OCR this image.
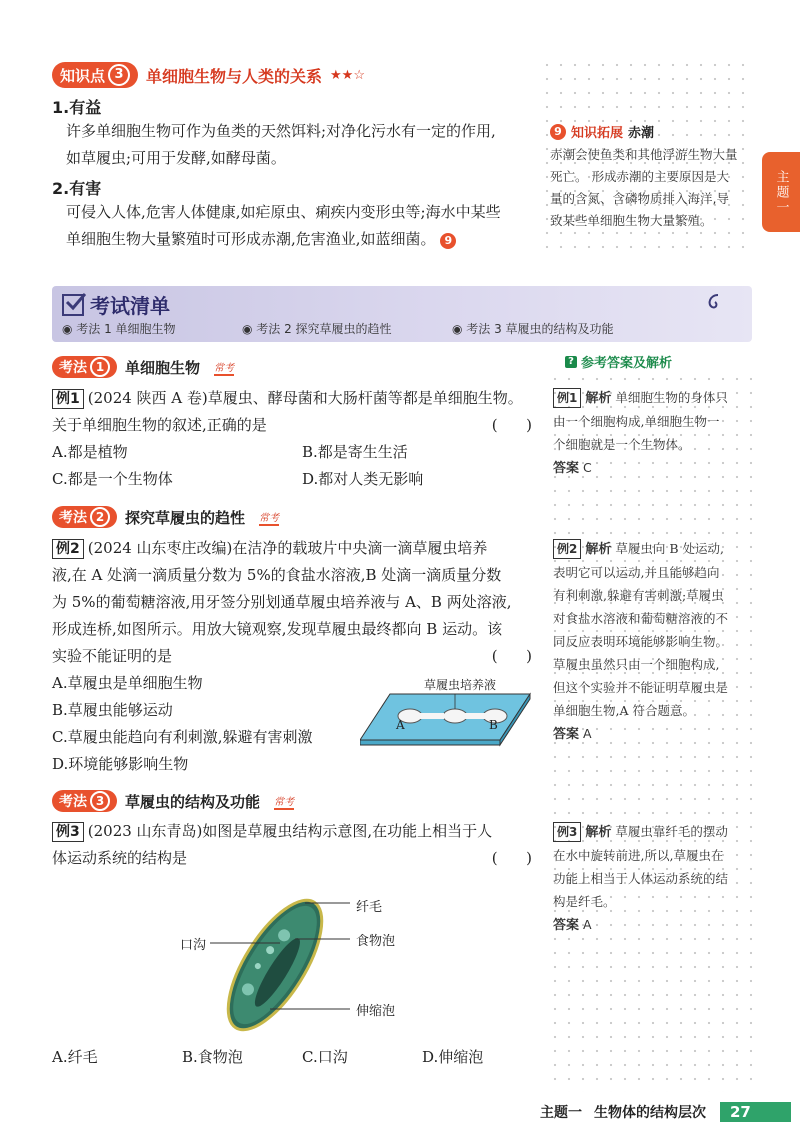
知识点 3	单细胞生物与人类的关系 ★★☆
1.有益
许多单细胞生物可作为鱼类的天然饵料;对净化污水有一定的作用,
如草履虫;可用于发酵,如酵母菌。
2.有害
可侵入人体,危害人体健康,如疟原虫、痢疾内变形虫等;海水中某些
单细胞生物大量繁殖时可形成赤潮,危害渔业,如蓝细菌。 9
9 知识拓展 赤潮
赤潮会使鱼类和其他浮游生物大量
死亡。 形成赤潮的主要原因是大
量的含氮、含磷物质排入海洋,导
致某些单细胞生物大量繁殖。
主题一
考试清单
◉ 考法 1 单细胞生物	◉ 考法 2 探究草履虫的趋性	◉ 考法 3 草履虫的结构及功能
? 参考答案及解析
考法 1	单细胞生物 常考
例1 (2024 陕西 A 卷)草履虫、酵母菌和大肠杆菌等都是单细胞生物。
关于单细胞生物的叙述,正确的是	(      )
A.都是植物	B.都是寄生生活
C.都是一个生物体	D.都对人类无影响
例1 解析 单细胞生物的身体只
由一个细胞构成,单细胞生物一
个细胞就是一个生物体。
答案 C
考法 2	探究草履虫的趋性 常考
例2 (2024 山东枣庄改编)在洁净的载玻片中央滴一滴草履虫培养
液,在 A 处滴一滴质量分数为 5%的食盐水溶液,B 处滴一滴质量分数
为 5%的葡萄糖溶液,用牙签分别划通草履虫培养液与 A、B 两处溶液,
形成连桥,如图所示。用放大镜观察,发现草履虫最终都向 B 运动。该
实验不能证明的是	(      )
A.草履虫是单细胞生物
B.草履虫能够运动
C.草履虫能趋向有利刺激,躲避有害刺激
D.环境能够影响生物
草履虫培养液
A	B
例2 解析 草履虫向 B 处运动,
表明它可以运动,并且能够趋向
有利刺激,躲避有害刺激;草履虫
对食盐水溶液和葡萄糖溶液的不
同反应表明环境能够影响生物。
草履虫虽然只由一个细胞构成,
但这个实验并不能证明草履虫是
单细胞生物,A 符合题意。
答案 A
考法 3	草履虫的结构及功能 常考
例3 (2023 山东青岛)如图是草履虫结构示意图,在功能上相当于人
体运动系统的结构是	(      )
纤毛
口沟	食物泡
伸缩泡
A.纤毛	B.食物泡	C.口沟	D.伸缩泡
例3 解析 草履虫靠纤毛的摆动
在水中旋转前进,所以,草履虫在
功能上相当于人体运动系统的结
构是纤毛。
答案 A
主题一 生物体的结构层次	27
